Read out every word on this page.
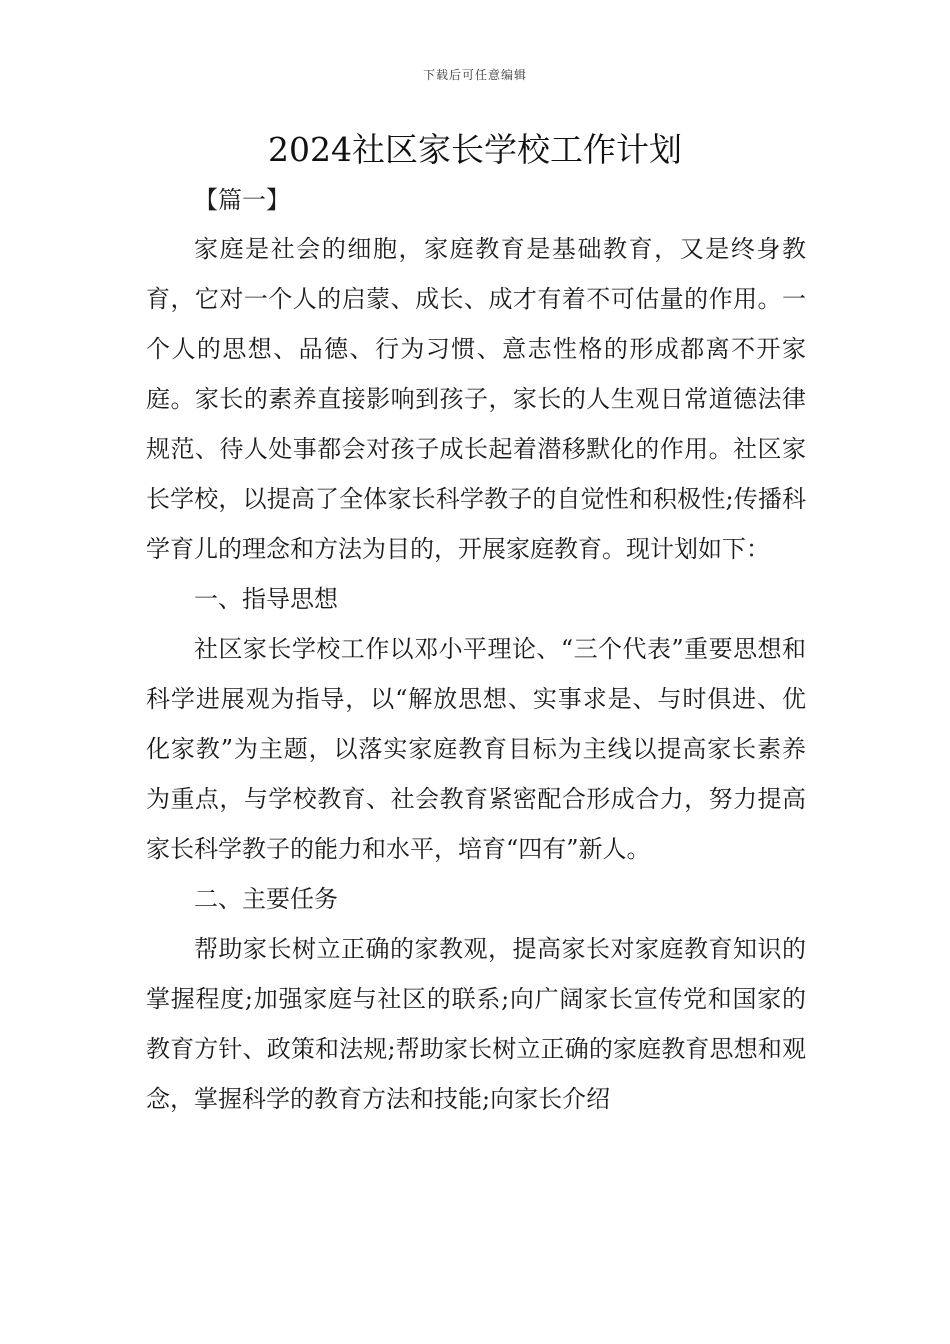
下载后可任意编辑
2024社区家长学校工作计划

【篇一】

家庭是社会的细胞，家庭教育是基础教育，又是终身教育，它对一个人的启蒙、成长、成才有着不可估量的作用。一个人的思想、品德、行为习惯、意志性格的形成都离不开家庭。家长的素养直接影响到孩子，家长的人生观日常道德法律规范、待人处事都会对孩子成长起着潜移默化的作用。社区家长学校，以提高了全体家长科学教子的自觉性和积极性;传播科学育儿的理念和方法为目的，开展家庭教育。现计划如下：

一、指导思想

社区家长学校工作以邓小平理论、“三个代表”重要思想和科学进展观为指导，以“解放思想、实事求是、与时俱进、优化家教”为主题，以落实家庭教育目标为主线以提高家长素养为重点，与学校教育、社会教育紧密配合形成合力，努力提高家长科学教子的能力和水平，培育“四有”新人。

二、主要任务

帮助家长树立正确的家教观，提高家长对家庭教育知识的掌握程度;加强家庭与社区的联系;向广阔家长宣传党和国家的教育方针、政策和法规;帮助家长树立正确的家庭教育思想和观念，掌握科学的教育方法和技能;向家长介绍
